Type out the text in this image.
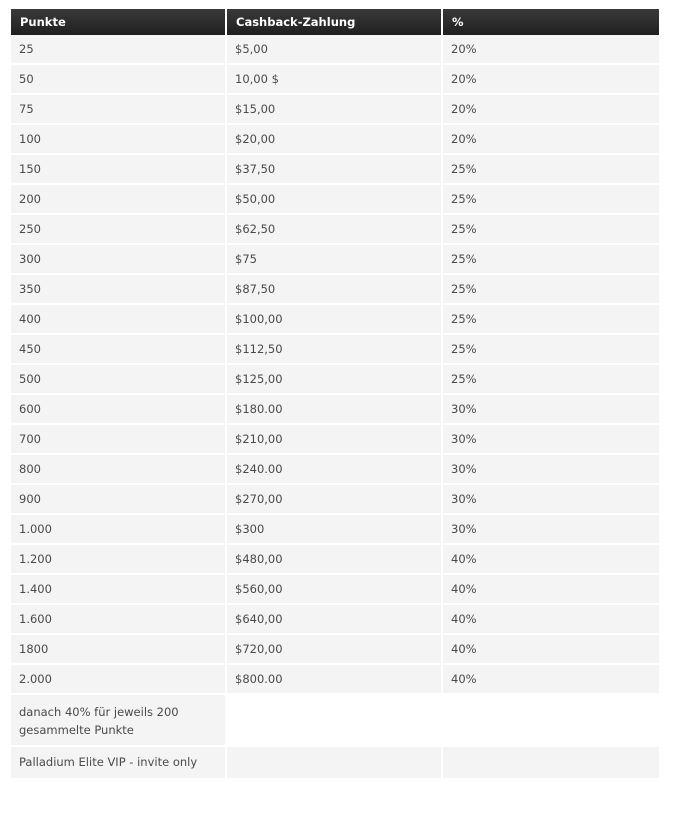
Punkte	Cashback-Zahlung	%
25	$5,00	20%
50	10,00 $	20%
75	$15,00	20%
100	$20,00	20%
150	$37,50	25%
200	$50,00	25%
250	$62,50	25%
300	$75	25%
350	$87,50	25%
400	$100,00	25%
450	$112,50	25%
500	$125,00	25%
600	$180.00	30%
700	$210,00	30%
800	$240.00	30%
900	$270,00	30%
1.000	$300	30%
1.200	$480,00	40%
1.400	$560,00	40%
1.600	$640,00	40%
1800	$720,00	40%
2.000	$800.00	40%
danach 40% für jeweils 200 gesammelte Punkte		
Palladium Elite VIP - invite only		
